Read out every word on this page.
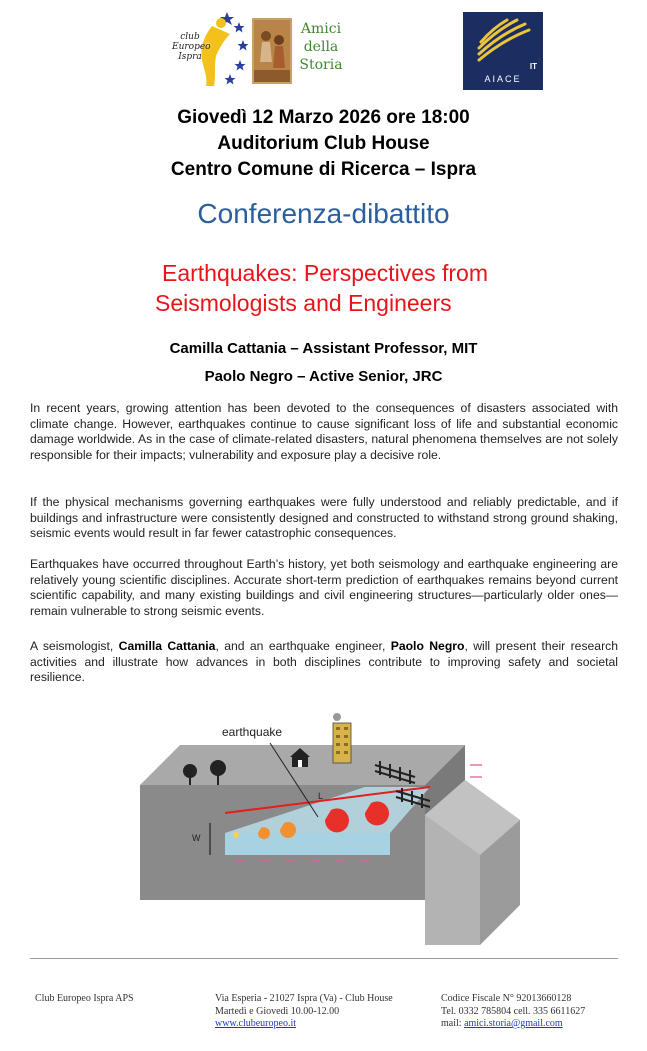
club
Europeo
Ispra
Amici
della
Storia	IT
AIACE
Giovedì 12 Marzo 2026 ore 18:00
Auditorium Club House
Centro Comune di Ricerca – Ispra
Conferenza-dibattito
Earthquakes: Perspectives from
Seismologists and Engineers
Camilla Cattania – Assistant Professor, MIT
Paolo Negro – Active Senior, JRC
In recent years, growing attention has been devoted to the consequences of disasters associated with climate change. However, earthquakes continue to cause significant loss of life and substantial economic damage worldwide. As in the case of climate-related disasters, natural phenomena themselves are not solely responsible for their impacts; vulnerability and exposure play a decisive role.
If the physical mechanisms governing earthquakes were fully understood and reliably predictable, and if buildings and infrastructure were consistently designed and constructed to withstand strong ground shaking, seismic events would result in far fewer catastrophic consequences.
Earthquakes have occurred throughout Earth’s history, yet both seismology and earthquake engineering are relatively young scientific disciplines. Accurate short-term prediction of earthquakes remains beyond current scientific capability, and many existing buildings and civil engineering structures—particularly older ones—remain vulnerable to strong seismic events.
A seismologist, Camilla Cattania, and an earthquake engineer, Paolo Negro, will present their research activities and illustrate how advances in both disciplines contribute to improving safety and societal resilience.
W
L
earthquake
Club Europeo Ispra APS	Via Esperia - 21027 Ispra (Va) - Club House
Martedì e Giovedì 10.00-12.00
www.clubeuropeo.it
Codice Fiscale N° 92013660128
Tel. 0332 785804 cell. 335 6611627
mail: amici.storia@gmail.com
